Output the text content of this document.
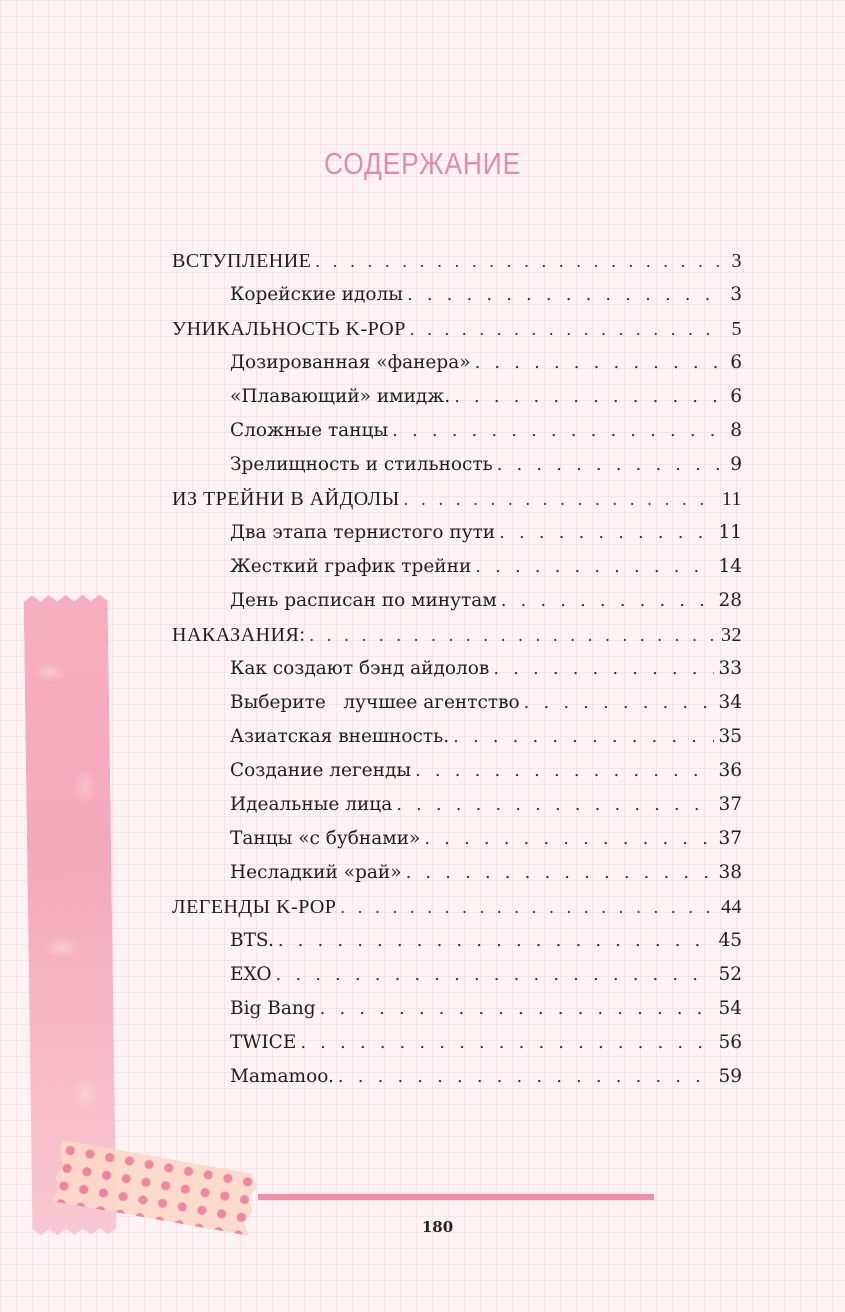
СОДЕРЖАНИЕ
ВСТУПЛЕНИЕ . . .	3
Корейские идолы . . .	3
УНИКАЛЬНОСТЬ K-POP . . .	5
Дозированная «фанера» . . .	6
«Плавающий» имидж. . . .	6
Сложные танцы . . .	8
Зрелищность и стильность . . .	9
ИЗ ТРЕЙНИ В АЙДОЛЫ . . .	11
Два этапа тернистого пути . . .	11
Жесткий график трейни . . .	14
День расписан по минутам . . .	28
НАКАЗАНИЯ: . . .	32
Как создают бэнд айдолов . . .	33
Выберите   лучшее агентство . . .	34
Азиатская внешность. . . .	35
Создание легенды . . .	36
Идеальные лица . . .	37
Танцы «с бубнами» . . .	37
Несладкий «рай» . . .	38
ЛЕГЕНДЫ K-POP . . .	44
BTS. . . .	45
EXO . . .	52
Big Bang . . .	54
TWICE . . .	56
Mamamoo. . . .	59
180
